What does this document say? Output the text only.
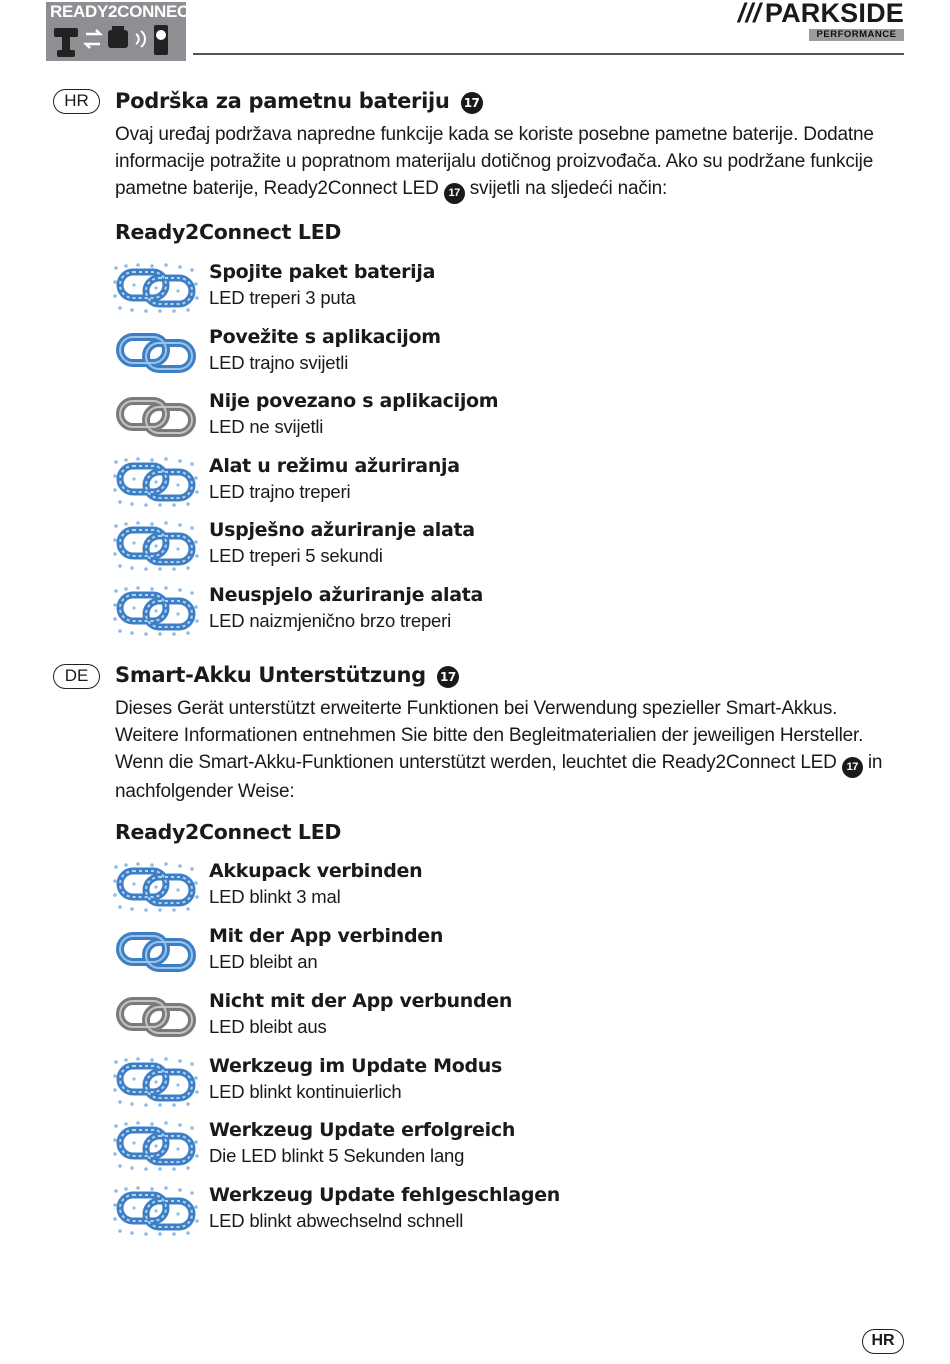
READY2CONNECT	/// PARKSIDE
PERFORMANCE
HR	Podrška za pametnu bateriju 17
Ovaj uređaj podržava napredne funkcije kada se koriste posebne pametne baterije. Dodatne informacije potražite u popratnom materijalu dotičnog proizvođača. Ako su podržane funkcije pametne baterije, Ready2Connect LED 17 svijetli na sljedeći način:
Ready2Connect LED
Spojite paket baterija
LED treperi 3 puta
Povežite s aplikacijom
LED trajno svijetli
Nije povezano s aplikacijom
LED ne svijetli
Alat u režimu ažuriranja
LED trajno treperi
Uspješno ažuriranje alata
LED treperi 5 sekundi
Neuspjelo ažuriranje alata
LED naizmjenično brzo treperi
DE	Smart-Akku Unterstützung 17
Dieses Gerät unterstützt erweiterte Funktionen bei Verwendung spezieller Smart-Akkus. Weitere Informationen entnehmen Sie bitte den Begleitmaterialien der jeweiligen Hersteller. Wenn die Smart-Akku-Funktionen unterstützt werden, leuchtet die Ready2Connect LED 17 in nachfolgender Weise:
Ready2Connect LED
Akkupack verbinden
LED blinkt 3 mal
Mit der App verbinden
LED bleibt an
Nicht mit der App verbunden
LED bleibt aus
Werkzeug im Update Modus
LED blinkt kontinuierlich
Werkzeug Update erfolgreich
Die LED blinkt 5 Sekunden lang
Werkzeug Update fehlgeschlagen
LED blinkt abwechselnd schnell
HR
